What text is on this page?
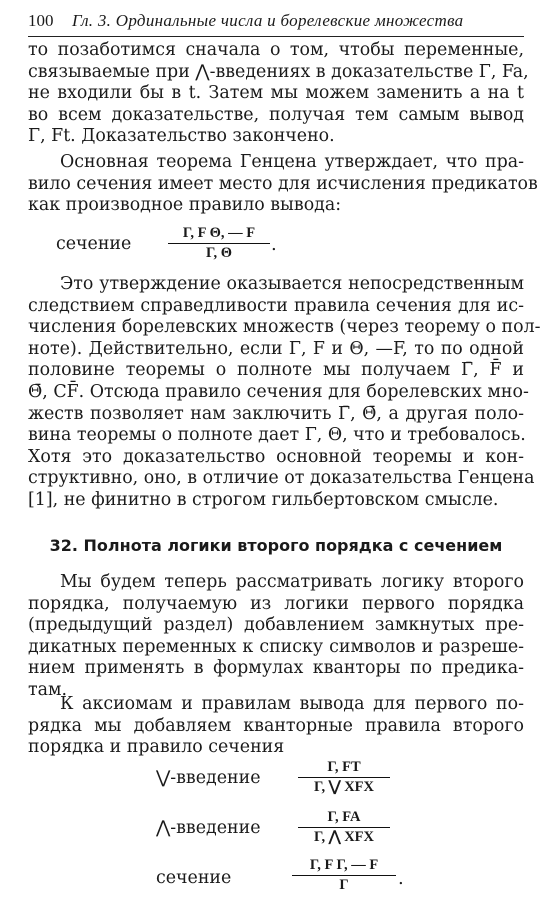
100 Гл. 3. Ординальные числа и борелевские множества
то позаботимся сначала о том, чтобы переменные,
связываемые при ⋀-введениях в доказательстве Γ, Fa,
не входили бы в t. Затем мы можем заменить a на t
во всем доказательстве, получая тем самым вывод
Γ, Ft. Доказательство закончено.
Основная теорема Генцена утверждает, что пра-
вило сечения имеет место для исчисления предикатов
как производное правило вывода:
сечение
Γ, F Θ, — F
Γ, Θ .
Это утверждение оказывается непосредственным
следствием справедливости правила сечения для ис-
числения борелевских множеств (через теорему о пол-
ноте). Действительно, если Γ, F и Θ, —F, то по одной
половине теоремы о полноте мы получаем Γ̄, F̄ и
Θ̄, CF̄. Отсюда правило сечения для борелевских мно-
жеств позволяет нам заключить Γ̄, Θ̄, а другая поло-
вина теоремы о полноте дает Γ, Θ, что и требовалось.
Хотя это доказательство основной теоремы и кон-
структивно, оно, в отличие от доказательства Генцена
[1], не финитно в строгом гильбертовском смысле.
32. Полнота логики второго порядка с сечением
Мы будем теперь рассматривать логику второго
порядка, получаемую из логики первого порядка
(предыдущий раздел) добавлением замкнутых пре-
дикатных переменных к списку символов и разреше-
нием применять в формулах кванторы по предика-
там.
К аксиомам и правилам вывода для первого по-
рядка мы добавляем кванторные правила второго
порядка и правило сечения
⋁-введение
Γ, FT
Γ, ⋁ XFX
⋀-введение
Γ, FA
Γ, ⋀ XFX
сечение
Γ, F Γ, — F
Γ	.
